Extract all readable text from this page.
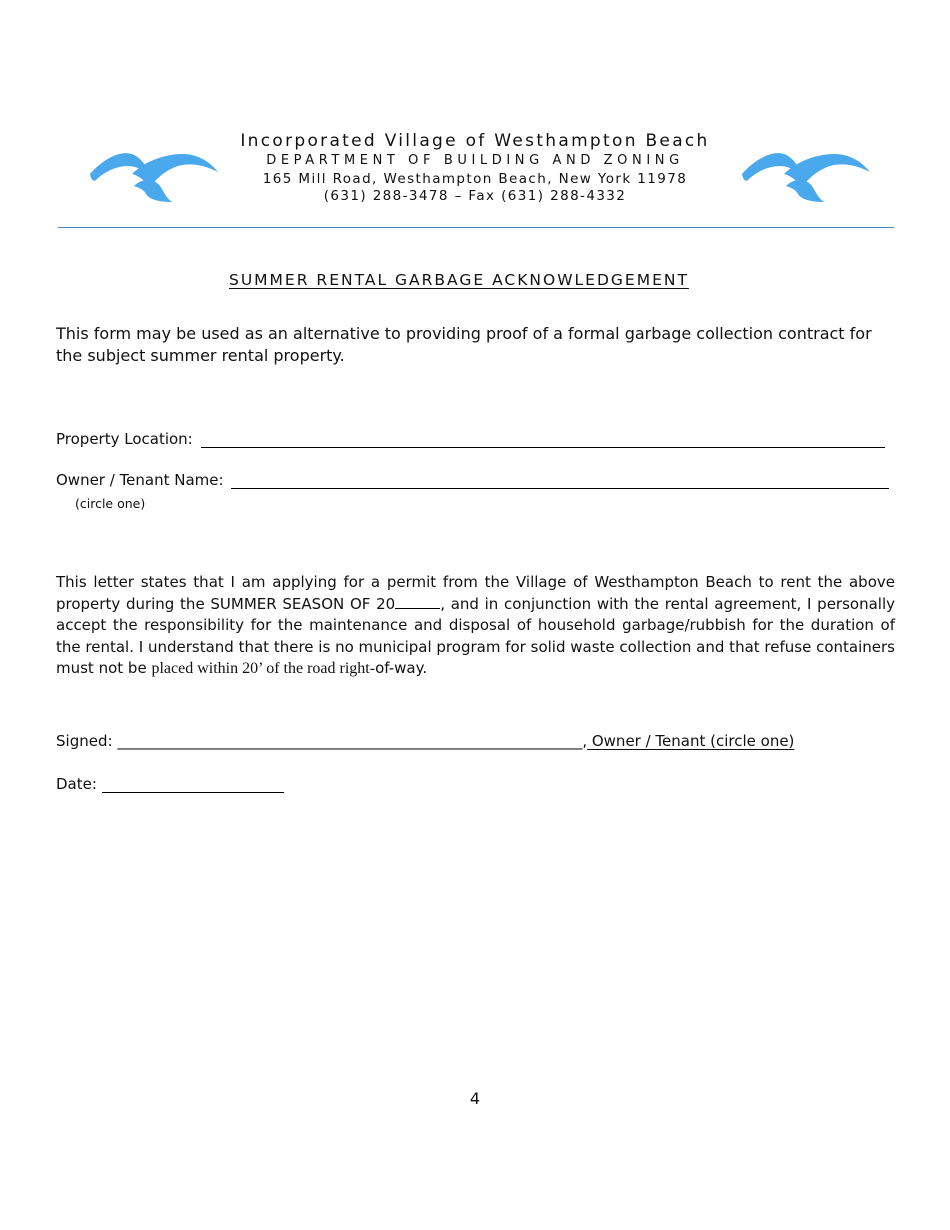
Incorporated Village of Westhampton Beach
DEPARTMENT OF BUILDING AND ZONING
165 Mill Road, Westhampton Beach, New York 11978
(631) 288-3478 – Fax (631) 288-4332
SUMMER RENTAL GARBAGE ACKNOWLEDGEMENT
This form may be used as an alternative to providing proof of a formal garbage collection contract for the subject summer rental property.
Property Location:
Owner / Tenant Name:
(circle one)
This letter states that I am applying for a permit from the Village of Westhampton Beach to rent the above property during the SUMMER SEASON OF 20	, and in conjunction with the rental agreement, I personally accept the responsibility for the maintenance and disposal of household garbage/rubbish for the duration of the rental. I understand that there is no municipal program for solid waste collection and that refuse containers must not be placed within 20’ of the road right-of-way.
Signed: ______________________________________________________________, Owner / Tenant (circle one)
Date:
4
